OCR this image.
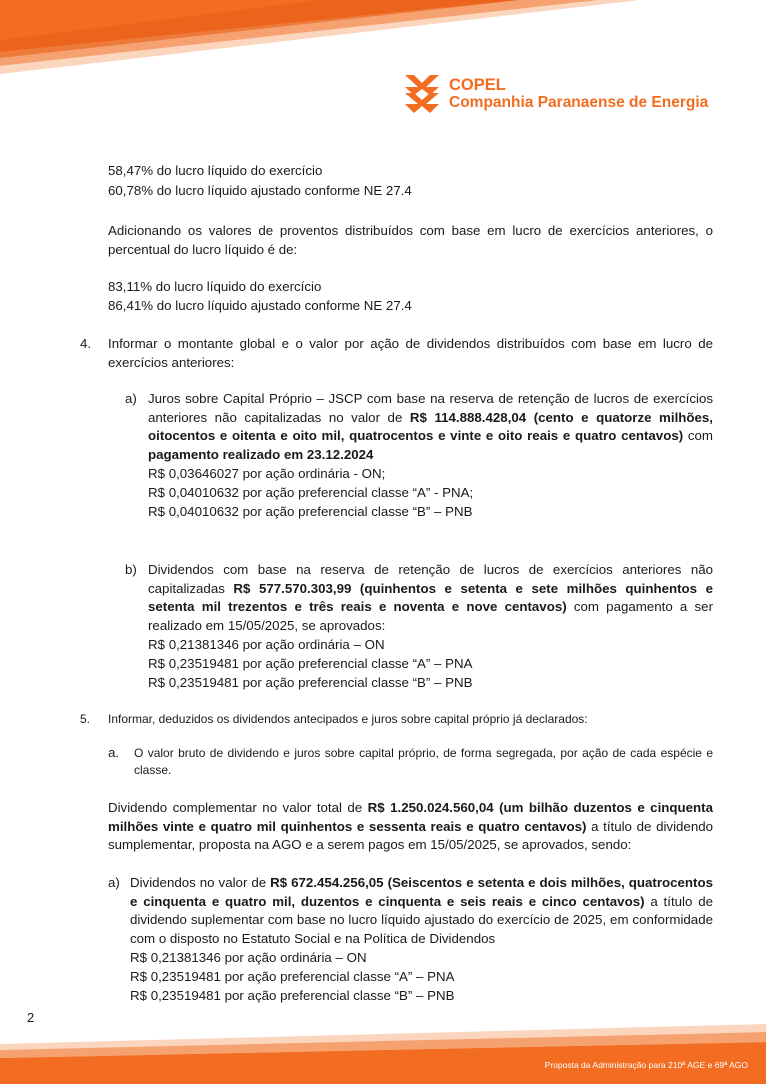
COPEL
Companhia Paranaense de Energia
58,47% do lucro líquido do exercício
60,78% do lucro líquido ajustado conforme NE 27.4
Adicionando os valores de proventos distribuídos com base em lucro de exercícios anteriores, o percentual do lucro líquido é de:
83,11% do lucro líquido do exercício
86,41% do lucro líquido ajustado conforme NE 27.4
4. Informar o montante global e o valor por ação de dividendos distribuídos com base em lucro de exercícios anteriores:
a) Juros sobre Capital Próprio – JSCP com base na reserva de retenção de lucros de exercícios anteriores não capitalizadas no valor de R$ 114.888.428,04 (cento e quatorze milhões, oitocentos e oitenta e oito mil, quatrocentos e vinte e oito reais e quatro centavos) com pagamento realizado em 23.12.2024
R$ 0,03646027 por ação ordinária - ON;
R$ 0,04010632 por ação preferencial classe “A” - PNA;
R$ 0,04010632 por ação preferencial classe “B” – PNB
b) Dividendos com base na reserva de retenção de lucros de exercícios anteriores não capitalizadas R$ 577.570.303,99 (quinhentos e setenta e sete milhões quinhentos e setenta mil trezentos e três reais e noventa e nove centavos) com pagamento a ser realizado em 15/05/2025, se aprovados:
R$ 0,21381346 por ação ordinária – ON
R$ 0,23519481 por ação preferencial classe “A” – PNA
R$ 0,23519481 por ação preferencial classe “B” – PNB
5. Informar, deduzidos os dividendos antecipados e juros sobre capital próprio já declarados:
a. O valor bruto de dividendo e juros sobre capital próprio, de forma segregada, por ação de cada espécie e classe.
Dividendo complementar no valor total de R$ 1.250.024.560,04 (um bilhão duzentos e cinquenta milhões vinte e quatro mil quinhentos e sessenta reais e quatro centavos) a título de dividendo sumplementar, proposta na AGO e a serem pagos em 15/05/2025, se aprovados, sendo:
a) Dividendos no valor de R$ 672.454.256,05 (Seiscentos e setenta e dois milhões, quatrocentos e cinquenta e quatro mil, duzentos e cinquenta e seis reais e cinco centavos) a título de dividendo suplementar com base no lucro líquido ajustado do exercício de 2025, em conformidade com o disposto no Estatuto Social e na Política de Dividendos
R$ 0,21381346 por ação ordinária – ON
R$ 0,23519481 por ação preferencial classe “A” – PNA
R$ 0,23519481 por ação preferencial classe “B” – PNB
2
Proposta da Administração para 210ª AGE e 69ª AGO
